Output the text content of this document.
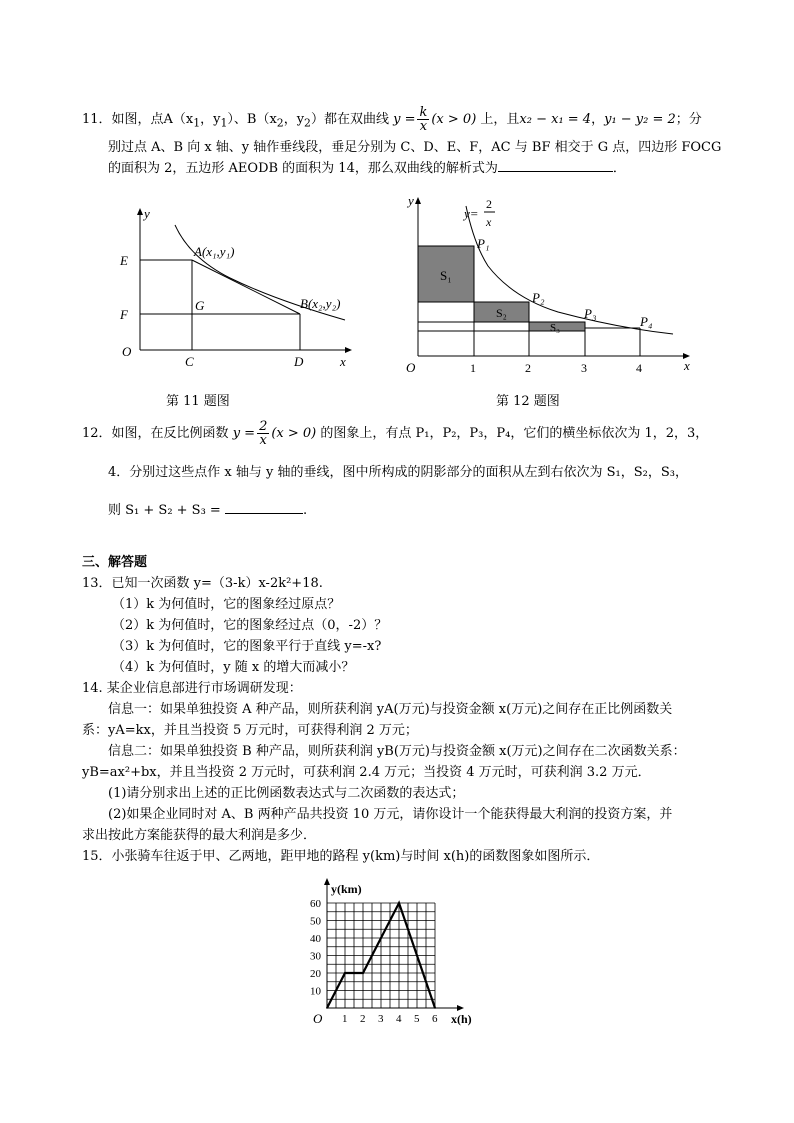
11．如图，点$A(x_1$，$y_1$）、$B(x_2$，$y_2$）都在双曲线 $y = \frac{k}{x} (x > 0)$ 上，且x₂ − x₁ = 4，y₁ − y₂ = 2；分
别过点 A、B 向 x 轴、y 轴作垂线段，垂足分别为 C、D、E、F，AC 与 BF 相交于 G 点，四边形 FOCG
的面积为 2，五边形 AEODB 的面积为 14，那么双曲线的解析式为	．
y
x
O
E
F
G
C	D
A(x₁,y₁)
B(x₂,y₂)
第 11 题图
y
x
O
y=
2
x
P₁
P₂
P₃
P₄
S₁
S₂
S₃
1	2	3	4
第 12 题图
12．如图，在反比例函数 $y = \frac{2}{x} (x > 0)$ 的图象上，有点 P₁，P₂，P₃，P₄，它们的横坐标依次为 1，2，3，
4．分别过这些点作 x 轴与 y 轴的垂线，图中所构成的阴影部分的面积从左到右依次为 S₁，S₂，S₃，
则 S₁ + S₂ + S₃ =	.
三、解答题
13．已知一次函数 y=（3-k）x-2k²+18.
（1）k 为何值时，它的图象经过原点？
（2）k 为何值时，它的图象经过点（0，-2）？
（3）k 为何值时，它的图象平行于直线 y=-x?
（4）k 为何值时，y 随 x 的增大而减小？
14. 某企业信息部进行市场调研发现：
信息一：如果单独投资 A 种产品，则所获利润 yA(万元)与投资金额 x(万元)之间存在正比例函数关
系：yA=kx，并且当投资 5 万元时，可获得利润 2 万元；
信息二：如果单独投资 B 种产品，则所获利润 yB(万元)与投资金额 x(万元)之间存在二次函数关系：
yB=ax²+bx，并且当投资 2 万元时，可获利润 2.4 万元；当投资 4 万元时，可获利润 3.2 万元．
(1)请分别求出上述的正比例函数表达式与二次函数的表达式；
(2)如果企业同时对 A、B 两种产品共投资 10 万元，请你设计一个能获得最大利润的投资方案，并
求出按此方案能获得的最大利润是多少．
15．小张骑车往返于甲、乙两地，距甲地的路程 y(km)与时间 x(h)的函数图象如图所示．
1 2 3 4 5 6
10
20
30
40
50
60
y(km)
x(h)
O
